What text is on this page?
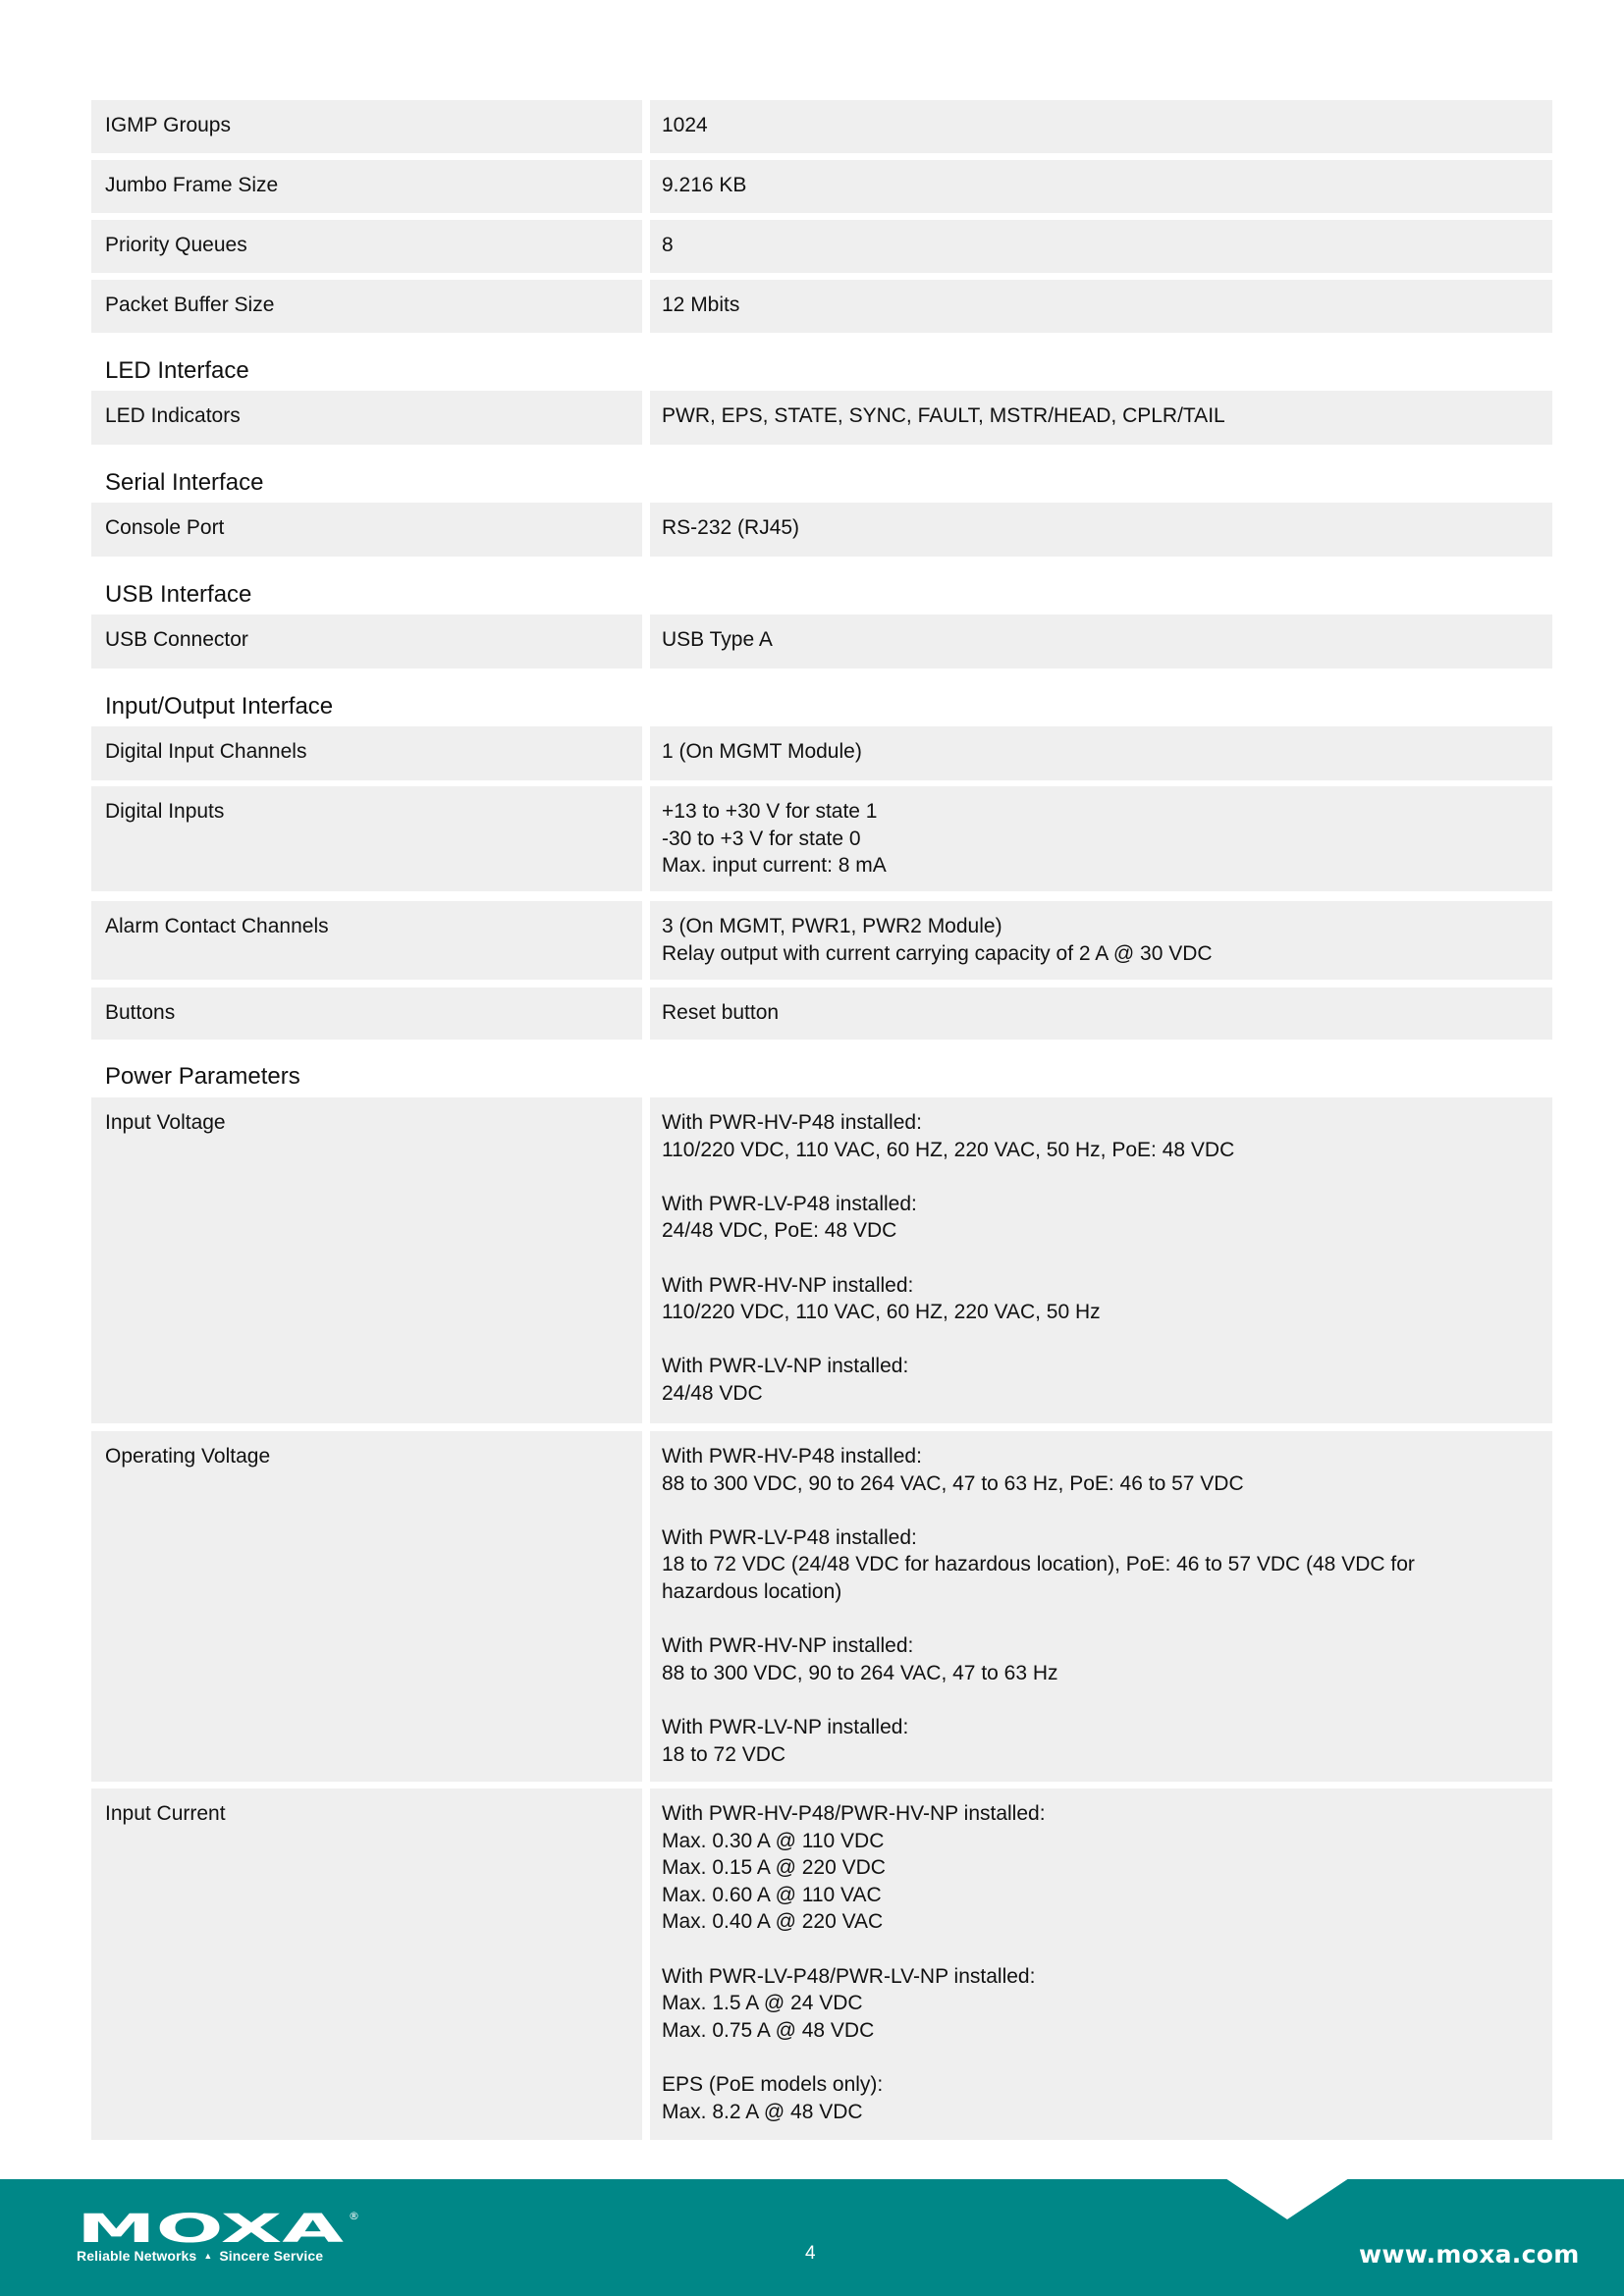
IGMP Groups	1024
Jumbo Frame Size	9.216 KB
Priority Queues	8
Packet Buffer Size	12 Mbits
LED Interface
LED Indicators	PWR, EPS, STATE, SYNC, FAULT, MSTR/HEAD, CPLR/TAIL
Serial Interface
Console Port	RS-232 (RJ45)
USB Interface
USB Connector	USB Type A
Input/Output Interface
Digital Input Channels	1 (On MGMT Module)
Digital Inputs	+13 to +30 V for state 1
-30 to +3 V for state 0
Max. input current: 8 mA
Alarm Contact Channels	3 (On MGMT, PWR1, PWR2 Module)
Relay output with current carrying capacity of 2 A @ 30 VDC
Buttons	Reset button
Power Parameters
Input Voltage	With PWR-HV-P48 installed:
110/220 VDC, 110 VAC, 60 HZ, 220 VAC, 50 Hz, PoE: 48 VDC
With PWR-LV-P48 installed:
24/48 VDC, PoE: 48 VDC
With PWR-HV-NP installed:
110/220 VDC, 110 VAC, 60 HZ, 220 VAC, 50 Hz
With PWR-LV-NP installed:
24/48 VDC
Operating Voltage	With PWR-HV-P48 installed:
88 to 300 VDC, 90 to 264 VAC, 47 to 63 Hz, PoE: 46 to 57 VDC
With PWR-LV-P48 installed:
18 to 72 VDC (24/48 VDC for hazardous location), PoE: 46 to 57 VDC (48 VDC for
hazardous location)
With PWR-HV-NP installed:
88 to 300 VDC, 90 to 264 VAC, 47 to 63 Hz
With PWR-LV-NP installed:
18 to 72 VDC
Input Current	With PWR-HV-P48/PWR-HV-NP installed:
Max. 0.30 A @ 110 VDC
Max. 0.15 A @ 220 VDC
Max. 0.60 A @ 110 VAC
Max. 0.40 A @ 220 VAC
With PWR-LV-P48/PWR-LV-NP installed:
Max. 1.5 A @ 24 VDC
Max. 0.75 A @ 48 VDC
EPS (PoE models only):
Max. 8.2 A @ 48 VDC
MOXA ®
Reliable Networks ▲ Sincere Service	4	www.moxa.com
